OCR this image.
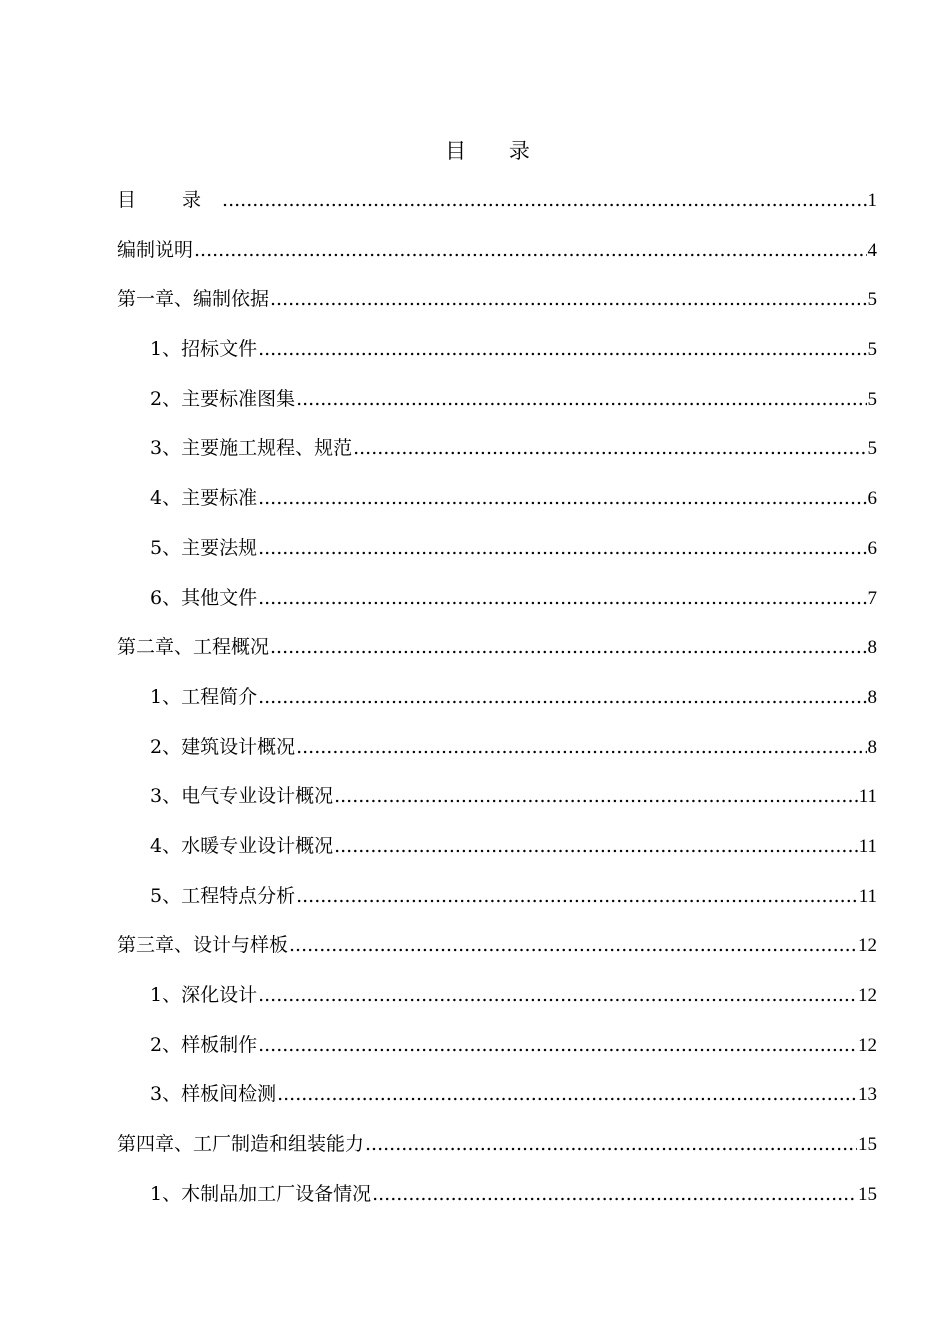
目 录
目 录 .....	1
编制说明 .....	4
第一章、编制依据 .....	5
1、招标文件 .....	5
2、主要标准图集 .....	5
3、主要施工规程、规范 .....	5
4、主要标准 .....	6
5、主要法规 .....	6
6、其他文件 .....	7
第二章、工程概况 .....	8
1、工程简介 .....	8
2、建筑设计概况 .....	8
3、电气专业设计概况 .....	11
4、水暖专业设计概况 .....	11
5、工程特点分析 .....	11
第三章、设计与样板 .....	12
1、深化设计 .....	12
2、样板制作 .....	12
3、样板间检测 .....	13
第四章、工厂制造和组装能力 .....	15
1、木制品加工厂设备情况 .....	15
